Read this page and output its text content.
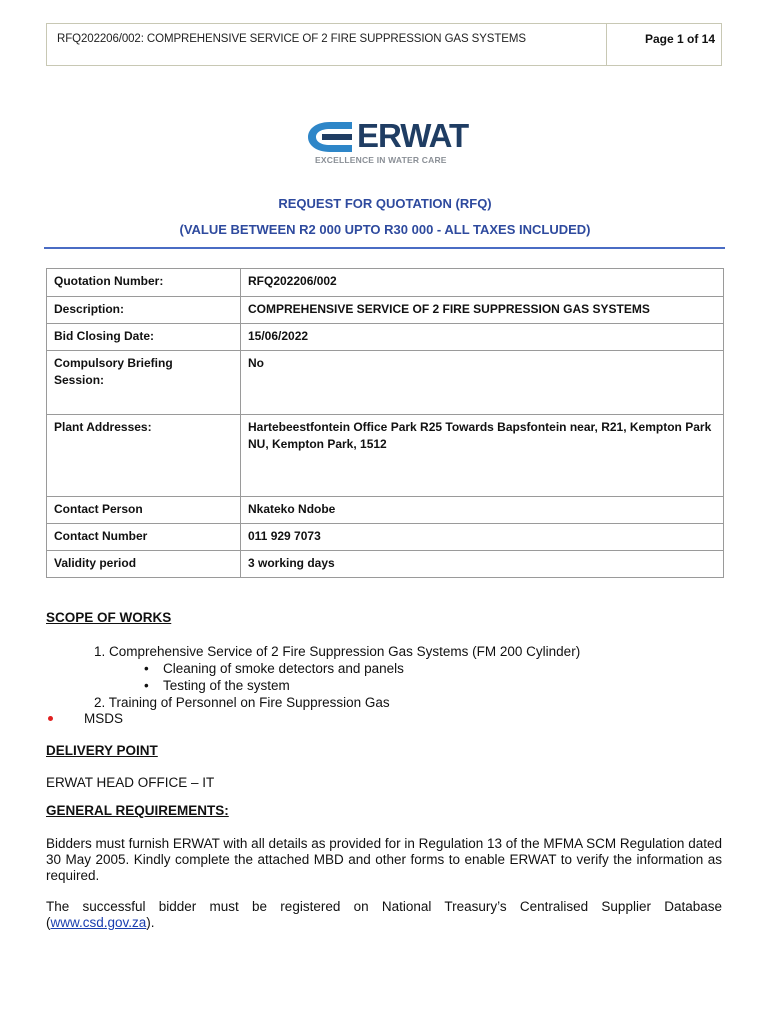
RFQ202206/002: COMPREHENSIVE SERVICE OF 2 FIRE SUPPRESSION GAS SYSTEMS	Page 1 of 14
ERWAT
EXCELLENCE IN WATER CARE
REQUEST FOR QUOTATION (RFQ)
(VALUE BETWEEN R2 000 UPTO R30 000 - ALL TAXES INCLUDED)
Quotation Number:	RFQ202206/002
Description:	COMPREHENSIVE SERVICE OF 2 FIRE SUPPRESSION GAS SYSTEMS
Bid Closing Date:	15/06/2022
Compulsory Briefing Session:	No
Plant Addresses:	Hartebeestfontein Office Park R25 Towards Bapsfontein near, R21, Kempton Park NU, Kempton Park, 1512
Contact Person	Nkateko Ndobe
Contact Number	011 929 7073
Validity period	3 working days
SCOPE OF WORKS
1. Comprehensive Service of 2 Fire Suppression Gas Systems (FM 200 Cylinder)
• Cleaning of smoke detectors and panels
• Testing of the system
2. Training of Personnel on Fire Suppression Gas
MSDS
DELIVERY POINT
ERWAT HEAD OFFICE – IT
GENERAL REQUIREMENTS:
Bidders must furnish ERWAT with all details as provided for in Regulation 13 of the MFMA SCM Regulation dated 30 May 2005. Kindly complete the attached MBD and other forms to enable ERWAT to verify the information as required.
The successful bidder must be registered on National Treasury’s Centralised Supplier Database (www.csd.gov.za).
